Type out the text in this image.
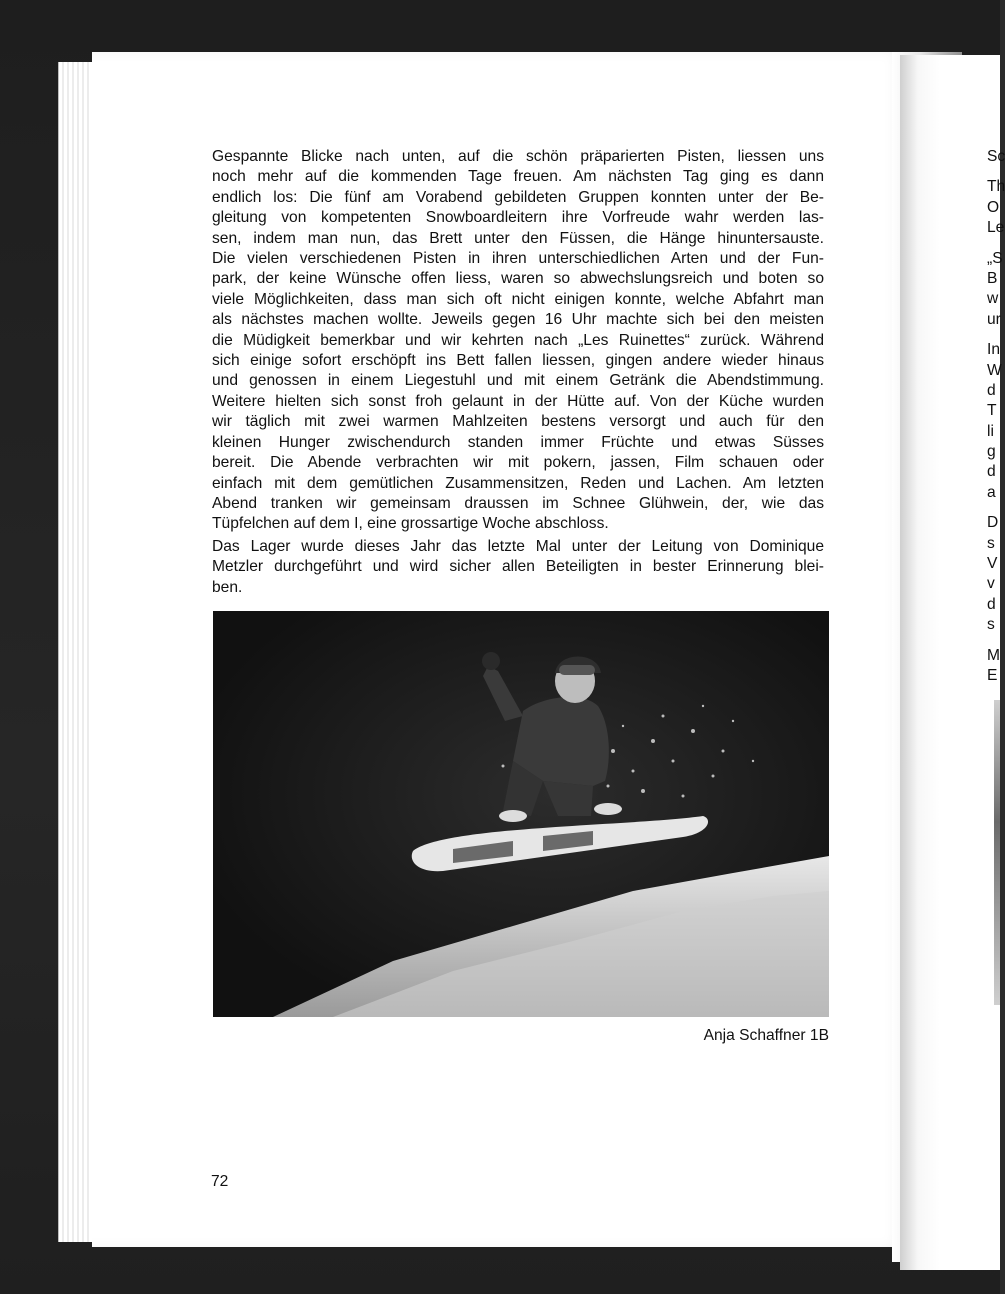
Gespannte Blicke nach unten, auf die schön präparierten Pisten, liessen uns
noch mehr auf die kommenden Tage freuen. Am nächsten Tag ging es dann
endlich los: Die fünf am Vorabend gebildeten Gruppen konnten unter der Be-
gleitung von kompetenten Snowboardleitern ihre Vorfreude wahr werden las-
sen, indem man nun, das Brett unter den Füssen, die Hänge hinuntersauste.
Die vielen verschiedenen Pisten in ihren unterschiedlichen Arten und der Fun-
park, der keine Wünsche offen liess, waren so abwechslungsreich und boten so
viele Möglichkeiten, dass man sich oft nicht einigen konnte, welche Abfahrt man
als nächstes machen wollte. Jeweils gegen 16 Uhr machte sich bei den meisten
die Müdigkeit bemerkbar und wir kehrten nach „Les Ruinettes“ zurück. Während
sich einige sofort erschöpft ins Bett fallen liessen, gingen andere wieder hinaus
und genossen in einem Liegestuhl und mit einem Getränk die Abendstimmung.
Weitere hielten sich sonst froh gelaunt in der Hütte auf. Von der Küche wurden
wir täglich mit zwei warmen Mahlzeiten bestens versorgt und auch für den
kleinen Hunger zwischendurch standen immer Früchte und etwas Süsses
bereit. Die Abende verbrachten wir mit pokern, jassen, Film schauen oder
einfach mit dem gemütlichen Zusammensitzen, Reden und Lachen. Am letzten
Abend tranken wir gemeinsam draussen im Schnee Glühwein, der, wie das
Tüpfelchen auf dem I, eine grossartige Woche abschloss.
Das Lager wurde dieses Jahr das letzte Mal unter der Leitung von Dominique
Metzler durchgeführt und wird sicher allen Beteiligten in bester Erinnerung blei-
ben.
Anja Schaffner 1B
72
Sc

Th
O
Le

„S
B
w
ur

In
W
d
T
li
g
d
a

D
s
V
v
d
s

M
E
